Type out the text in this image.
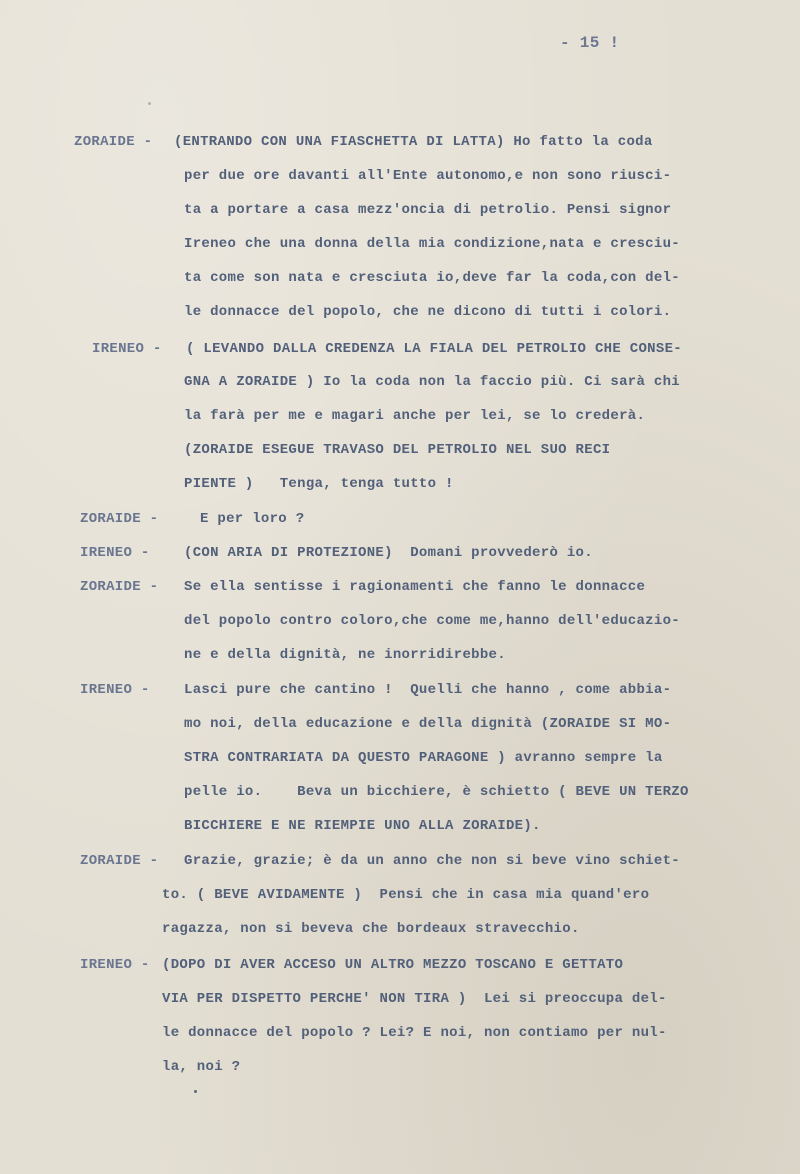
- 15 !
ZORAIDE - (ENTRANDO CON UNA FIASCHETTA DI LATTA) Ho fatto la coda
per due ore davanti all'Ente autonomo,e non sono riusci-
ta a portare a casa mezz'oncia di petrolio. Pensi signor
Ireneo che una donna della mia condizione,nata e cresciu-
ta come son nata e cresciuta io,deve far la coda,con del-
le donnacce del popolo, che ne dicono di tutti i colori.
IRENEO - ( LEVANDO DALLA CREDENZA LA FIALA DEL PETROLIO CHE CONSE-
GNA A ZORAIDE ) Io la coda non la faccio più. Ci sarà chi
la farà per me e magari anche per lei, se lo crederà.
(ZORAIDE ESEGUE TRAVASO DEL PETROLIO NEL SUO RECI
PIENTE )   Tenga, tenga tutto !
ZORAIDE -	E per loro ?
IRENEO - (CON ARIA DI PROTEZIONE)  Domani provvederò io.
ZORAIDE - Se ella sentisse i ragionamenti che fanno le donnacce
del popolo contro coloro,che come me,hanno dell'educazio-
ne e della dignità, ne inorridirebbe.
IRENEO - Lasci pure che cantino !  Quelli che hanno , come abbia-
mo noi, della educazione e della dignità (ZORAIDE SI MO-
STRA CONTRARIATA DA QUESTO PARAGONE ) avranno sempre la
pelle io.    Beva un bicchiere, è schietto ( BEVE UN TERZO
BICCHIERE E NE RIEMPIE UNO ALLA ZORAIDE).
ZORAIDE - Grazie, grazie; è da un anno che non si beve vino schiet-
to. ( BEVE AVIDAMENTE )  Pensi che in casa mia quand'ero
ragazza, non si beveva che bordeaux stravecchio.
IRENEO - (DOPO DI AVER ACCESO UN ALTRO MEZZO TOSCANO E GETTATO
VIA PER DISPETTO PERCHE' NON TIRA )  Lei si preoccupa del-
le donnacce del popolo ? Lei? E noi, non contiamo per nul-
la, noi ?
